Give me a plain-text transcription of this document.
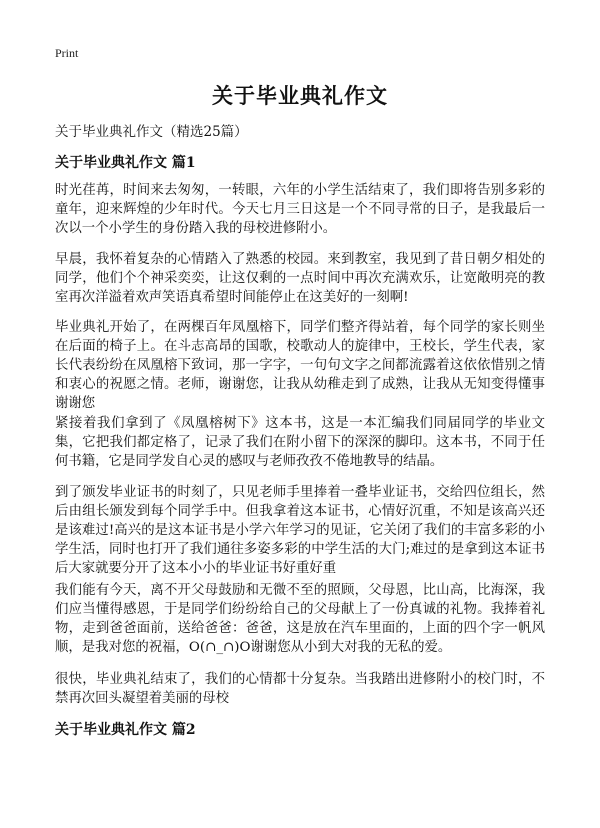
Print
关于毕业典礼作文
关于毕业典礼作文（精选25篇）
关于毕业典礼作文 篇1
时光荏苒，时间来去匆匆，一转眼，六年的小学生活结束了，我们即将告别多彩的童年，迎来辉煌的少年时代。今天七月三日这是一个不同寻常的日子，是我最后一次以一个小学生的身份踏入我的母校进修附小。
早晨，我怀着复杂的心情踏入了熟悉的校园。来到教室，我见到了昔日朝夕相处的同学，他们个个神采奕奕，让这仅剩的一点时间中再次充满欢乐，让宽敞明亮的教室再次洋溢着欢声笑语真希望时间能停止在这美好的一刻啊!
毕业典礼开始了，在两棵百年凤凰榕下，同学们整齐得站着，每个同学的家长则坐在后面的椅子上。在斗志高昂的国歌，校歌动人的旋律中，王校长，学生代表，家长代表纷纷在凤凰榕下致词，那一字字，一句句文字之间都流露着这依依惜别之情和衷心的祝愿之情。老师，谢谢您，让我从幼稚走到了成熟，让我从无知变得懂事谢谢您
紧接着我们拿到了《凤凰榕树下》这本书，这是一本汇编我们同届同学的毕业文集，它把我们都定格了，记录了我们在附小留下的深深的脚印。这本书，不同于任何书籍，它是同学发自心灵的感叹与老师孜孜不倦地教导的结晶。
到了颁发毕业证书的时刻了，只见老师手里捧着一叠毕业证书，交给四位组长，然后由组长颁发到每个同学手中。但我拿着这本证书，心情好沉重，不知是该高兴还是该难过!高兴的是这本证书是小学六年学习的见证，它关闭了我们的丰富多彩的小学生活，同时也打开了我们通往多姿多彩的中学生活的大门;难过的是拿到这本证书后大家就要分开了这本小小的毕业证书好重好重
我们能有今天，离不开父母鼓励和无微不至的照顾，父母恩，比山高，比海深，我们应当懂得感恩，于是同学们纷纷给自己的父母献上了一份真诚的礼物。我捧着礼物，走到爸爸面前，送给爸爸：爸爸，这是放在汽车里面的，上面的四个字一帆风顺，是我对您的祝福，O(∩_∩)O谢谢您从小到大对我的无私的爱。
很快，毕业典礼结束了，我们的心情都十分复杂。当我踏出进修附小的校门时，不禁再次回头凝望着美丽的母校
关于毕业典礼作文 篇2
